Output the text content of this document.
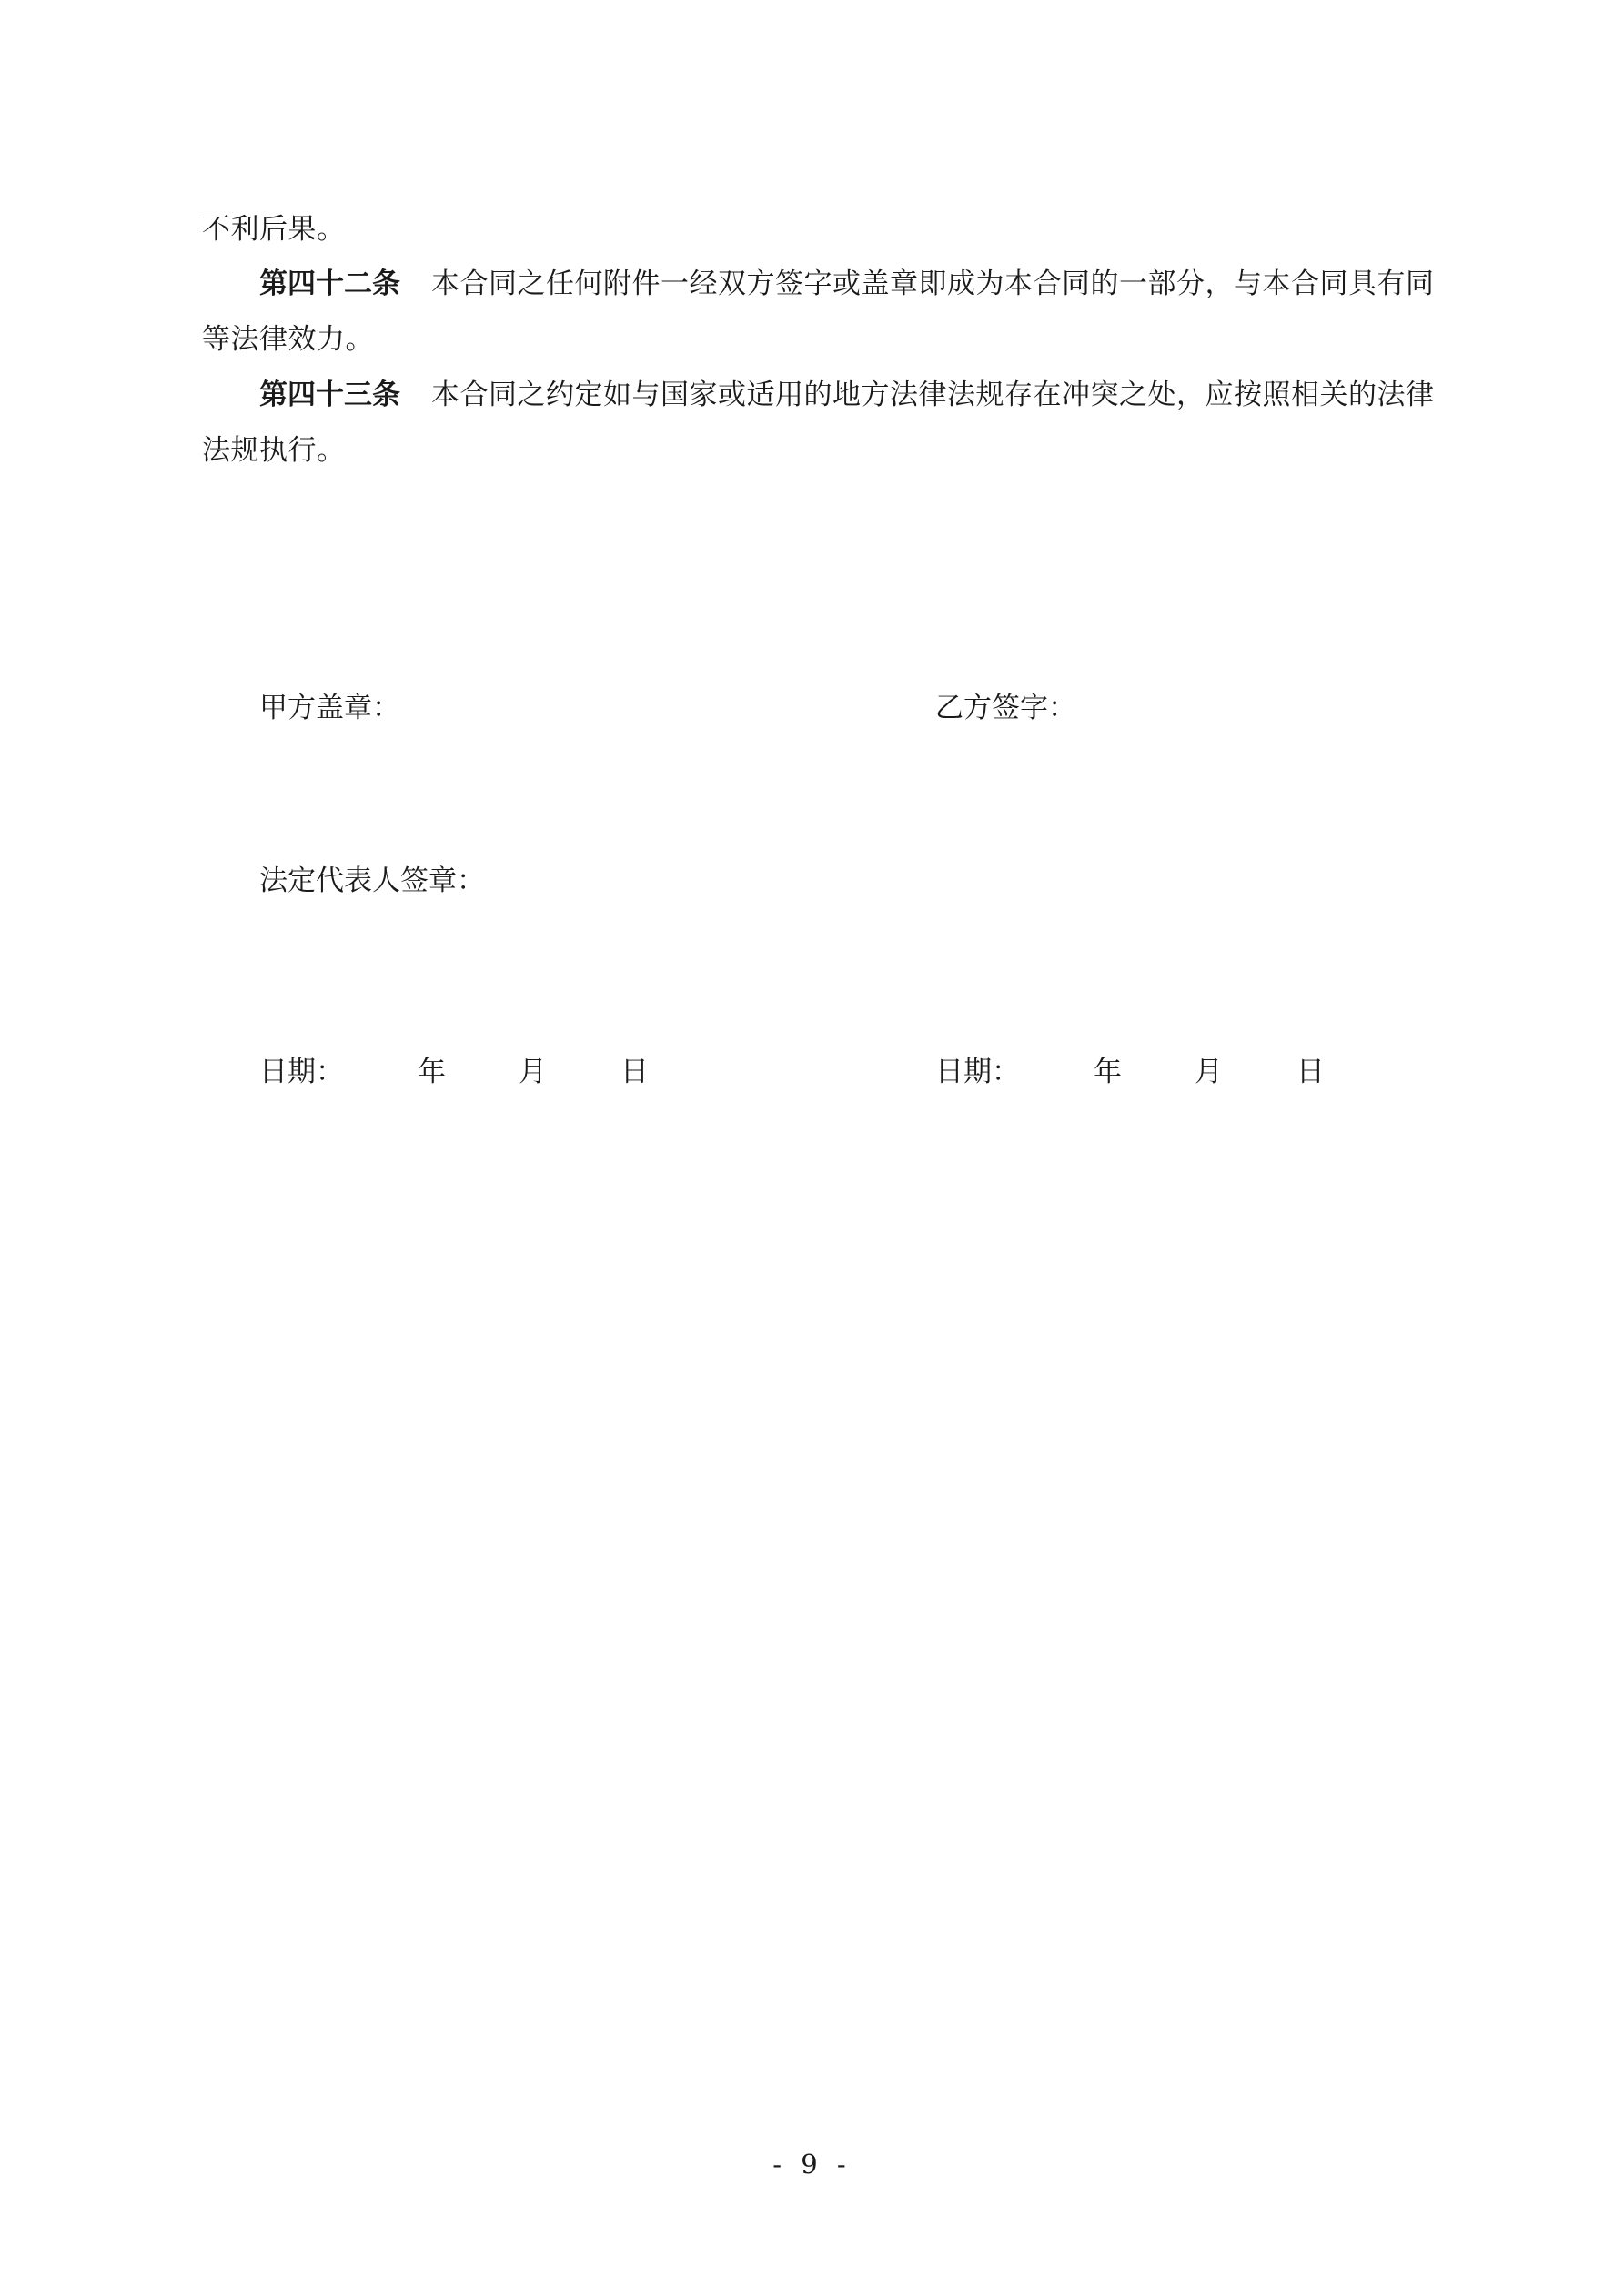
不利后果。
第四十二条 本合同之任何附件一经双方签字或盖章即成为本合同的一部分，与本合同具有同
等法律效力。
第四十三条 本合同之约定如与国家或适用的地方法律法规存在冲突之处，应按照相关的法律
法规执行。
甲方盖章：	乙方签字：
法定代表人签章：
日期：	年	月	日	日期：	年	月	日
- 9 -
